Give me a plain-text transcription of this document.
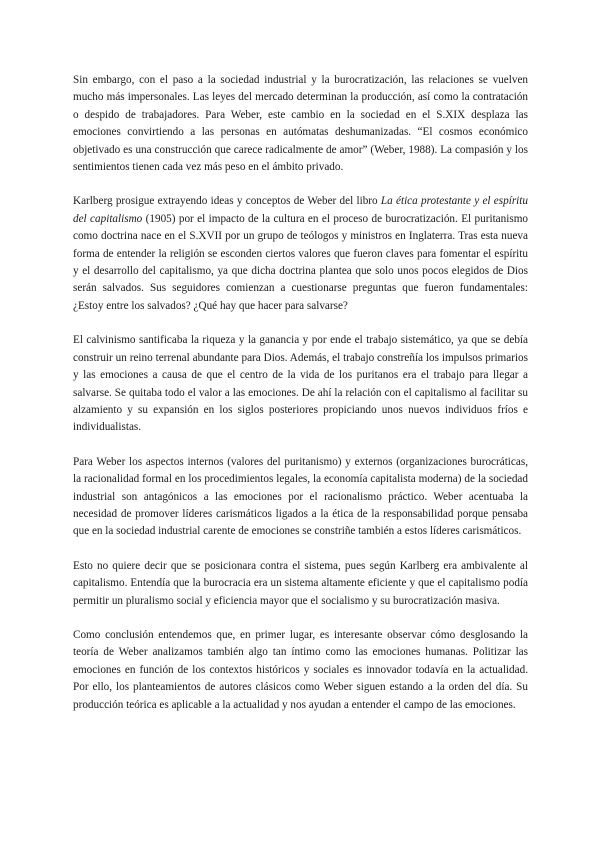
Sin embargo, con el paso a la sociedad industrial y la burocratización, las relaciones se vuelven mucho más impersonales. Las leyes del mercado determinan la producción, así como la contratación o despido de trabajadores. Para Weber, este cambio en la sociedad en el S.XIX desplaza las emociones convirtiendo a las personas en autómatas deshumanizadas. “El cosmos económico objetivado es una construcción que carece radicalmente de amor” (Weber, 1988). La compasión y los sentimientos tienen cada vez más peso en el ámbito privado.

Karlberg prosigue extrayendo ideas y conceptos de Weber del libro La ética protestante y el espíritu del capitalismo (1905) por el impacto de la cultura en el proceso de burocratización. El puritanismo como doctrina nace en el S.XVII por un grupo de teólogos y ministros en Inglaterra. Tras esta nueva forma de entender la religión se esconden ciertos valores que fueron claves para fomentar el espíritu y el desarrollo del capitalismo, ya que dicha doctrina plantea que solo unos pocos elegidos de Dios serán salvados. Sus seguidores comienzan a cuestionarse preguntas que fueron fundamentales: ¿Estoy entre los salvados? ¿Qué hay que hacer para salvarse?

El calvinismo santificaba la riqueza y la ganancia y por ende el trabajo sistemático, ya que se debía construir un reino terrenal abundante para Dios. Además, el trabajo constreñía los impulsos primarios y las emociones a causa de que el centro de la vida de los puritanos era el trabajo para llegar a salvarse. Se quitaba todo el valor a las emociones. De ahí la relación con el capitalismo al facilitar su alzamiento y su expansión en los siglos posteriores propiciando unos nuevos individuos fríos e individualistas.

Para Weber los aspectos internos (valores del puritanismo) y externos (organizaciones burocráticas, la racionalidad formal en los procedimientos legales, la economía capitalista moderna) de la sociedad industrial son antagónicos a las emociones por el racionalismo práctico. Weber acentuaba la necesidad de promover líderes carismáticos ligados a la ética de la responsabilidad porque pensaba que en la sociedad industrial carente de emociones se constriñe también a estos líderes carismáticos.

Esto no quiere decir que se posicionara contra el sistema, pues según Karlberg era ambivalente al capitalismo. Entendía que la burocracia era un sistema altamente eficiente y que el capitalismo podía permitir un pluralismo social y eficiencia mayor que el socialismo y su burocratización masiva.

Como conclusión entendemos que, en primer lugar, es interesante observar cómo desglosando la teoría de Weber analizamos también algo tan íntimo como las emociones humanas. Politizar las emociones en función de los contextos históricos y sociales es innovador todavía en la actualidad. Por ello, los planteamientos de autores clásicos como Weber siguen estando a la orden del día. Su producción teórica es aplicable a la actualidad y nos ayudan a entender el campo de las emociones.
